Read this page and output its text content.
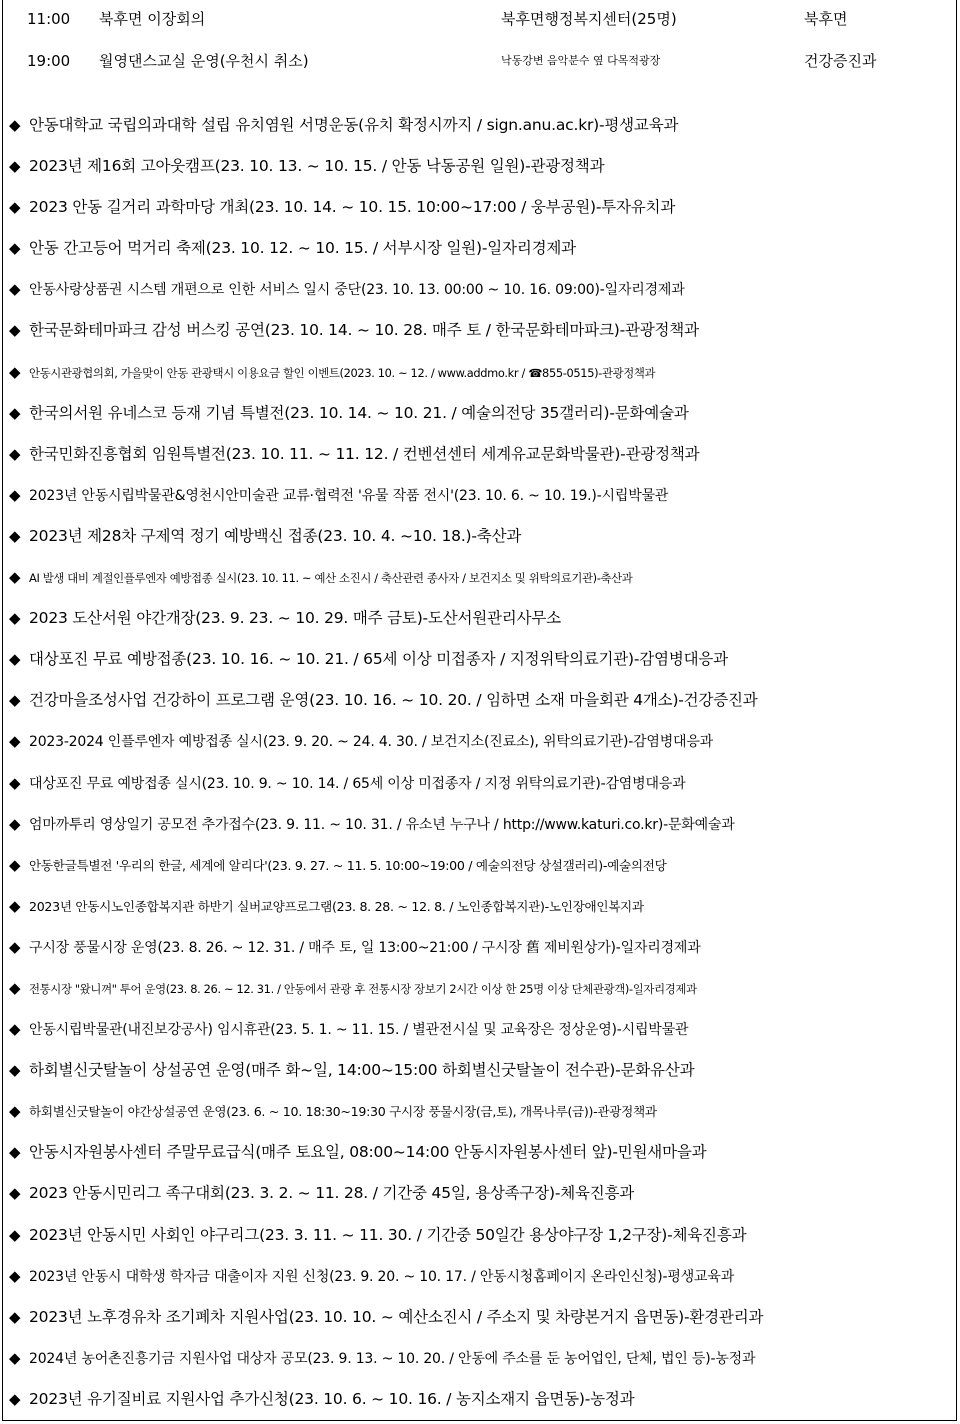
11:00 북후면 이장회의	북후면행정복지센터(25명)	북후면
19:00 월영댄스교실 운영(우천시 취소)	낙동강변 음악분수 옆 다목적광장	건강증진과
◆ 안동대학교 국립의과대학 설립 유치염원 서명운동(유치 확정시까지 / sign.anu.ac.kr)-평생교육과
◆ 2023년 제16회 고아웃캠프(23. 10. 13. ~ 10. 15. / 안동 낙동공원 일원)-관광정책과
◆ 2023 안동 길거리 과학마당 개최(23. 10. 14. ~ 10. 15. 10:00~17:00 / 웅부공원)-투자유치과
◆ 안동 간고등어 먹거리 축제(23. 10. 12. ~ 10. 15. / 서부시장 일원)-일자리경제과
◆ 안동사랑상품권 시스템 개편으로 인한 서비스 일시 중단(23. 10. 13. 00:00 ~ 10. 16. 09:00)-일자리경제과
◆ 한국문화테마파크 감성 버스킹 공연(23. 10. 14. ~ 10. 28. 매주 토 / 한국문화테마파크)-관광정책과
◆ 안동시관광협의회, 가을맞이 안동 관광택시 이용요금 할인 이벤트(2023. 10. ~ 12. / www.addmo.kr / ☎855-0515)-관광정책과
◆ 한국의서원 유네스코 등재 기념 특별전(23. 10. 14. ~ 10. 21. / 예술의전당 35갤러리)-문화예술과
◆ 한국민화진흥협회 임원특별전(23. 10. 11. ~ 11. 12. / 컨벤션센터 세계유교문화박물관)-관광정책과
◆ 2023년 안동시립박물관&영천시안미술관 교류·협력전 '유물 작품 전시'(23. 10. 6. ~ 10. 19.)-시립박물관
◆ 2023년 제28차 구제역 정기 예방백신 접종(23. 10. 4. ~10. 18.)-축산과
◆ AI 발생 대비 계절인플루엔자 예방접종 실시(23. 10. 11. ~ 예산 소진시 / 축산관련 종사자 / 보건지소 및 위탁의료기관)-축산과
◆ 2023 도산서원 야간개장(23. 9. 23. ~ 10. 29. 매주 금토)-도산서원관리사무소
◆ 대상포진 무료 예방접종(23. 10. 16. ~ 10. 21. / 65세 이상 미접종자 / 지정위탁의료기관)-감염병대응과
◆ 건강마을조성사업 건강하이 프로그램 운영(23. 10. 16. ~ 10. 20. / 임하면 소재 마을회관 4개소)-건강증진과
◆ 2023-2024 인플루엔자 예방접종 실시(23. 9. 20. ~ 24. 4. 30. / 보건지소(진료소), 위탁의료기관)-감염병대응과
◆ 대상포진 무료 예방접종 실시(23. 10. 9. ~ 10. 14. / 65세 이상 미접종자 / 지정 위탁의료기관)-감염병대응과
◆ 엄마까투리 영상일기 공모전 추가접수(23. 9. 11. ~ 10. 31. / 유소년 누구나 / http://www.katuri.co.kr)-문화예술과
◆ 안동한글특별전 '우리의 한글, 세계에 알리다'(23. 9. 27. ~ 11. 5. 10:00~19:00 / 예술의전당 상설갤러리)-예술의전당
◆ 2023년 안동시노인종합복지관 하반기 실버교양프로그램(23. 8. 28. ~ 12. 8. / 노인종합복지관)-노인장애인복지과
◆ 구시장 풍물시장 운영(23. 8. 26. ~ 12. 31. / 매주 토, 일 13:00~21:00 / 구시장 舊 제비원상가)-일자리경제과
◆ 전통시장 "왔니껴" 투어 운영(23. 8. 26. ~ 12. 31. / 안동에서 관광 후 전통시장 장보기 2시간 이상 한 25명 이상 단체관광객)-일자리경제과
◆ 안동시립박물관(내진보강공사) 임시휴관(23. 5. 1. ~ 11. 15. / 별관전시실 및 교육장은 정상운영)-시립박물관
◆ 하회별신굿탈놀이 상설공연 운영(매주 화~일, 14:00~15:00 하회별신굿탈놀이 전수관)-문화유산과
◆ 하회별신굿탈놀이 야간상설공연 운영(23. 6. ~ 10. 18:30~19:30 구시장 풍물시장(금,토), 개목나루(금))-관광정책과
◆ 안동시자원봉사센터 주말무료급식(매주 토요일, 08:00~14:00 안동시자원봉사센터 앞)-민원새마을과
◆ 2023 안동시민리그 족구대회(23. 3. 2. ~ 11. 28. / 기간중 45일, 용상족구장)-체육진흥과
◆ 2023년 안동시민 사회인 야구리그(23. 3. 11. ~ 11. 30. / 기간중 50일간 용상야구장 1,2구장)-체육진흥과
◆ 2023년 안동시 대학생 학자금 대출이자 지원 신청(23. 9. 20. ~ 10. 17. / 안동시청홈페이지 온라인신청)-평생교육과
◆ 2023년 노후경유차 조기폐차 지원사업(23. 10. 10. ~ 예산소진시 / 주소지 및 차량본거지 읍면동)-환경관리과
◆ 2024년 농어촌진흥기금 지원사업 대상자 공모(23. 9. 13. ~ 10. 20. / 안동에 주소를 둔 농어업인, 단체, 법인 등)-농정과
◆ 2023년 유기질비료 지원사업 추가신청(23. 10. 6. ~ 10. 16. / 농지소재지 읍면동)-농정과
